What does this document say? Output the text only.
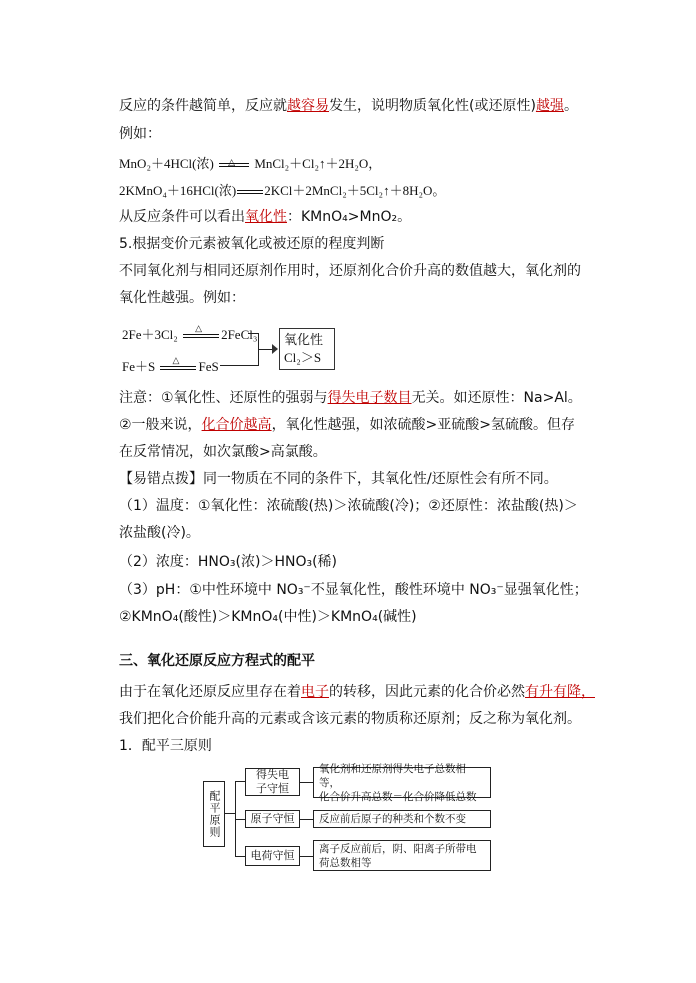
反应的条件越简单，反应就越容易发生，说明物质氧化性(或还原性)越强。
例如：
MnO₂＋4HCl(浓) △ MnCl₂＋Cl₂↑＋2H₂O，
2KMnO₄＋16HCl(浓) 2KCl＋2MnCl₂＋5Cl₂↑＋8H₂O。
从反应条件可以看出氧化性：KMnO₄>MnO₂。
5.根据变价元素被氧化或被还原的程度判断
不同氧化剂与相同还原剂作用时，还原剂化合价升高的数值越大，氧化剂的
氧化性越强。例如：
2Fe＋3Cl₂ △ 2FeCl₃
Fe＋S △ FeS
氧化性
Cl₂＞S
注意：①氧化性、还原性的强弱与得失电子数目无关。如还原性：Na>Al。
②一般来说，化合价越高，氧化性越强，如浓硫酸>亚硫酸>氢硫酸。但存
在反常情况，如次氯酸>高氯酸。
【易错点拨】同一物质在不同的条件下，其氧化性/还原性会有所不同。
（1）温度：①氧化性：浓硫酸(热)＞浓硫酸(冷)；②还原性：浓盐酸(热)＞
浓盐酸(冷)。
（2）浓度：HNO₃(浓)＞HNO₃(稀)
（3）pH：①中性环境中 NO₃⁻不显氧化性，酸性环境中 NO₃⁻显强氧化性；
②KMnO₄(酸性)＞KMnO₄(中性)＞KMnO₄(碱性)
三、氧化还原反应方程式的配平
由于在氧化还原反应里存在着电子的转移，因此元素的化合价必然有升有降，
我们把化合价能升高的元素或含该元素的物质称还原剂；反之称为氧化剂。
1．配平三原则
配平原则
得失电子守恒
原子守恒
电荷守恒
氧化剂和还原剂得失电子总数相等，
化合价升高总数＝化合价降低总数
反应前后原子的种类和个数不变
离子反应前后，阴、阳离子所带电
荷总数相等
